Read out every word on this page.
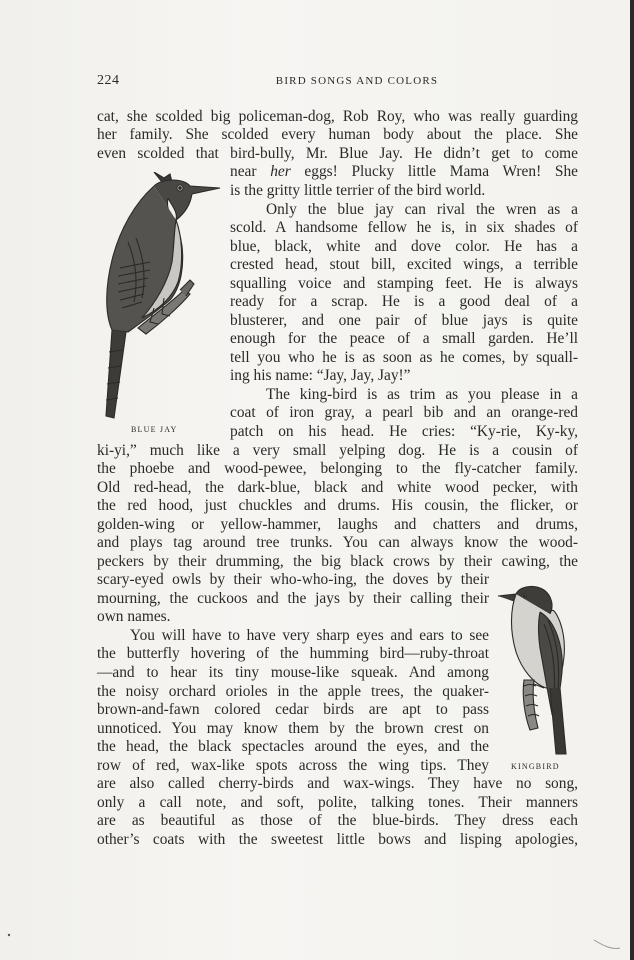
224	BIRD SONGS AND COLORS
cat, she scolded big policeman-dog, Rob Roy, who was really guarding
her family. She scolded every human body about the place. She
even scolded that bird-bully, Mr. Blue Jay. He didn’t get to come
near her eggs! Plucky little Mama Wren! She
is the gritty little terrier of the bird world.
Only the blue jay can rival the wren as a
scold. A handsome fellow he is, in six shades of
blue, black, white and dove color. He has a
crested head, stout bill, excited wings, a terrible
squalling voice and stamping feet. He is always
ready for a scrap. He is a good deal of a
blusterer, and one pair of blue jays is quite
enough for the peace of a small garden. He’ll
tell you who he is as soon as he comes, by squall-
ing his name: “Jay, Jay, Jay!”
The king-bird is as trim as you please in a
coat of iron gray, a pearl bib and an orange-red
patch on his head. He cries: “Ky-rie, Ky-ky,
ki-yi,” much like a very small yelping dog. He is a cousin of
the phoebe and wood-pewee, belonging to the fly-catcher family.
Old red-head, the dark-blue, black and white wood pecker, with
the red hood, just chuckles and drums. His cousin, the flicker, or
golden-wing or yellow-hammer, laughs and chatters and drums,
and plays tag around tree trunks. You can always know the wood-
peckers by their drumming, the big black crows by their cawing, the
scary-eyed owls by their who-who-ing, the doves by their
mourning, the cuckoos and the jays by their calling their
own names.
You will have to have very sharp eyes and ears to see
the butterfly hovering of the humming bird—ruby-throat
—and to hear its tiny mouse-like squeak. And among
the noisy orchard orioles in the apple trees, the quaker-
brown-and-fawn colored cedar birds are apt to pass
unnoticed. You may know them by the brown crest on
the head, the black spectacles around the eyes, and the
row of red, wax-like spots across the wing tips. They
are also called cherry-birds and wax-wings. They have no song,
only a call note, and soft, polite, talking tones. Their manners
are as beautiful as those of the blue-birds. They dress each
other’s coats with the sweetest little bows and lisping apologies,
BLUE JAY
KINGBIRD
